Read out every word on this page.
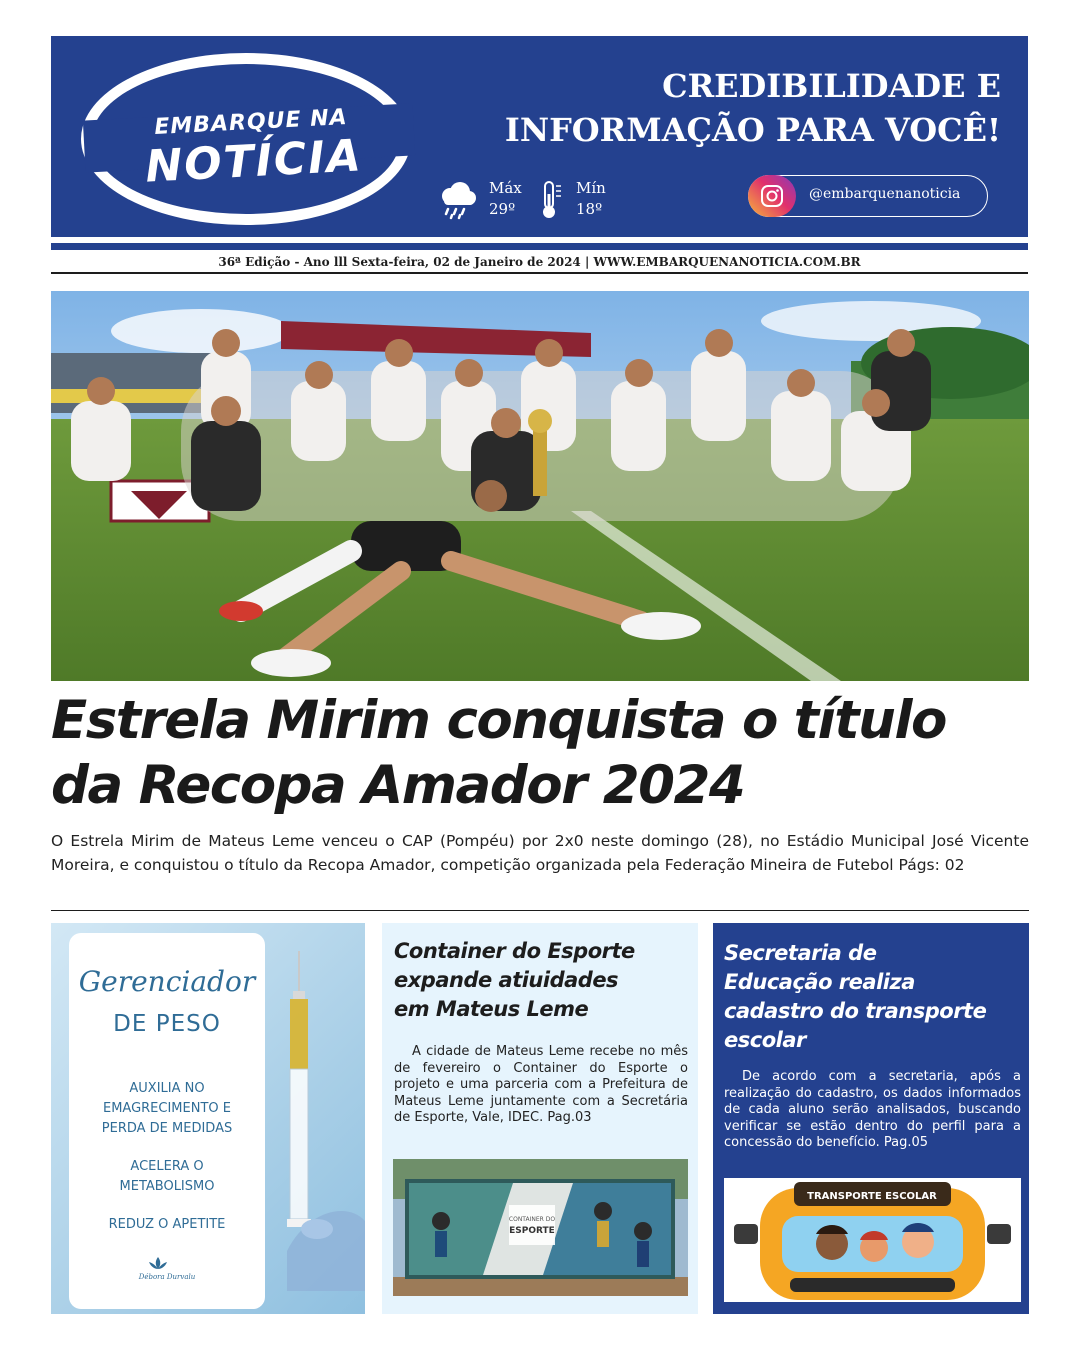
EMBARQUE NA
NOTÍCIA
CREDIBILIDADE E
INFORMAÇÃO PARA VOCÊ!
Máx
29º
Mín
18º
@embarquenanoticia
36ª Edição - Ano lll Sexta-feira, 02 de Janeiro de 2024 | WWW.EMBARQUENANOTICIA.COM.BR
Estrela Mirim conquista o título
da Recopa Amador 2024
O Estrela Mirim de Mateus Leme venceu o CAP (Pompéu) por 2x0 neste domingo (28), no Estádio Municipal José Vicente Moreira, e conquistou o título da Recopa Amador, competição organizada pela Federação Mineira de Futebol Págs: 02
Gerenciador
DE PESO
AUXILIA NO
EMAGRECIMENTO E
PERDA DE MEDIDAS
ACELERA O
METABOLISMO
REDUZ O APETITE
Débora Durvalu
Container do Esporte
expande atiuidades
em Mateus Leme
A cidade de Mateus Leme recebe no mês de fevereiro o Container do Esporte o projeto e uma parceria com a Prefeitura de Mateus Leme juntamente com a Secretária de Esporte, Vale, IDEC. Pag.03
CONTAINER DO
ESPORTE
Secretaria de
Educação realiza
cadastro do transporte
escolar
De acordo com a secretaria, após a realização do cadastro, os dados informados de cada aluno serão analisados, buscando verificar se estão dentro do perfil para a concessão do benefício. Pag.05
TRANSPORTE ESCOLAR
